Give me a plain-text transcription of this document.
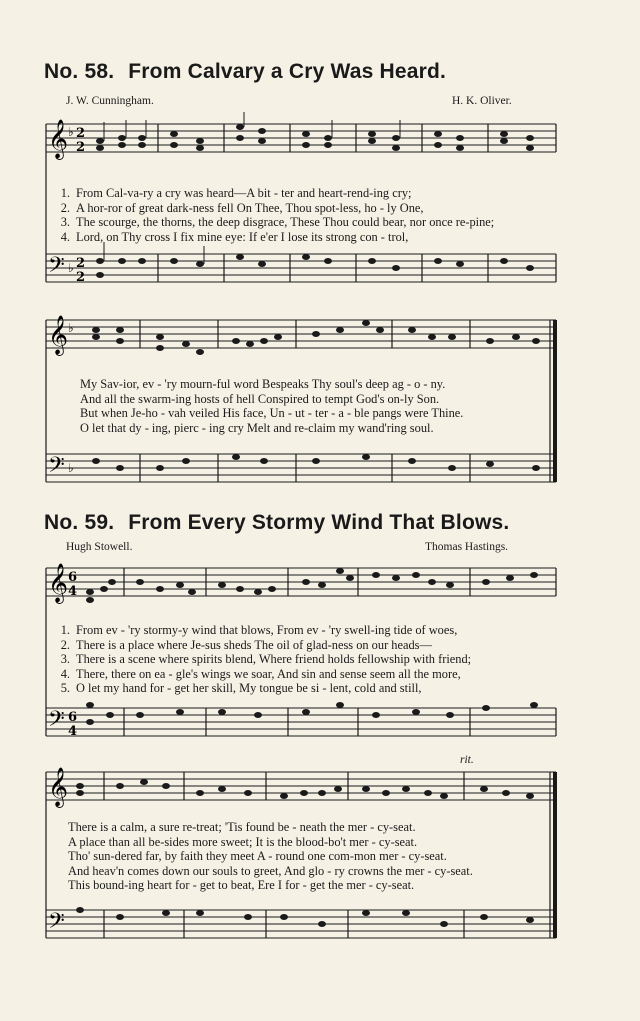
No. 58. From Calvary a Cry Was Heard.
J. W. Cunningham.	H. K. Oliver.
𝄞
𝄢
♭
♭
2
2
2
2
1. From Cal-va-ry a cry was heard—A bit - ter and heart-rend-ing cry;
2. A hor-ror of great dark-ness fell On Thee, Thou spot-less, ho - ly One,
3. The scourge, the thorns, the deep disgrace, These Thou could bear, nor once re-pine;
4. Lord, on Thy cross I fix mine eye: If e'er I lose its strong con - trol,
𝄞
𝄢
♭
♭
My Sav-ior, ev - 'ry mourn-ful word Bespeaks Thy soul's deep ag - o - ny.
And all the swarm-ing hosts of hell Conspired to tempt God's on-ly Son.
But when Je-ho - vah veiled His face, Un - ut - ter - a - ble pangs were Thine.
O let that dy - ing, pierc - ing cry Melt and re-claim my wand'ring soul.
No. 59. From Every Stormy Wind That Blows.
Hugh Stowell.	Thomas Hastings.
𝄞
𝄢
6
4
6
4
1. From ev - 'ry stormy-y wind that blows, From ev - 'ry swell-ing tide of woes,
2. There is a place where Je-sus sheds The oil of glad-ness on our heads—
3. There is a scene where spirits blend, Where friend holds fellowship with friend;
4. There, there on ea - gle's wings we soar, And sin and sense seem all the more,
5. O let my hand for - get her skill, My tongue be si - lent, cold and still,
rit.
𝄞
𝄢
There is a calm, a sure re-treat; 'Tis found be - neath the mer - cy-seat.
A place than all be-sides more sweet; It is the blood-bo't mer - cy-seat.
Tho' sun-dered far, by faith they meet A - round one com-mon mer - cy-seat.
And heav'n comes down our souls to greet, And glo - ry crowns the mer - cy-seat.
This bound-ing heart for - get to beat, Ere I for - get the mer - cy-seat.
